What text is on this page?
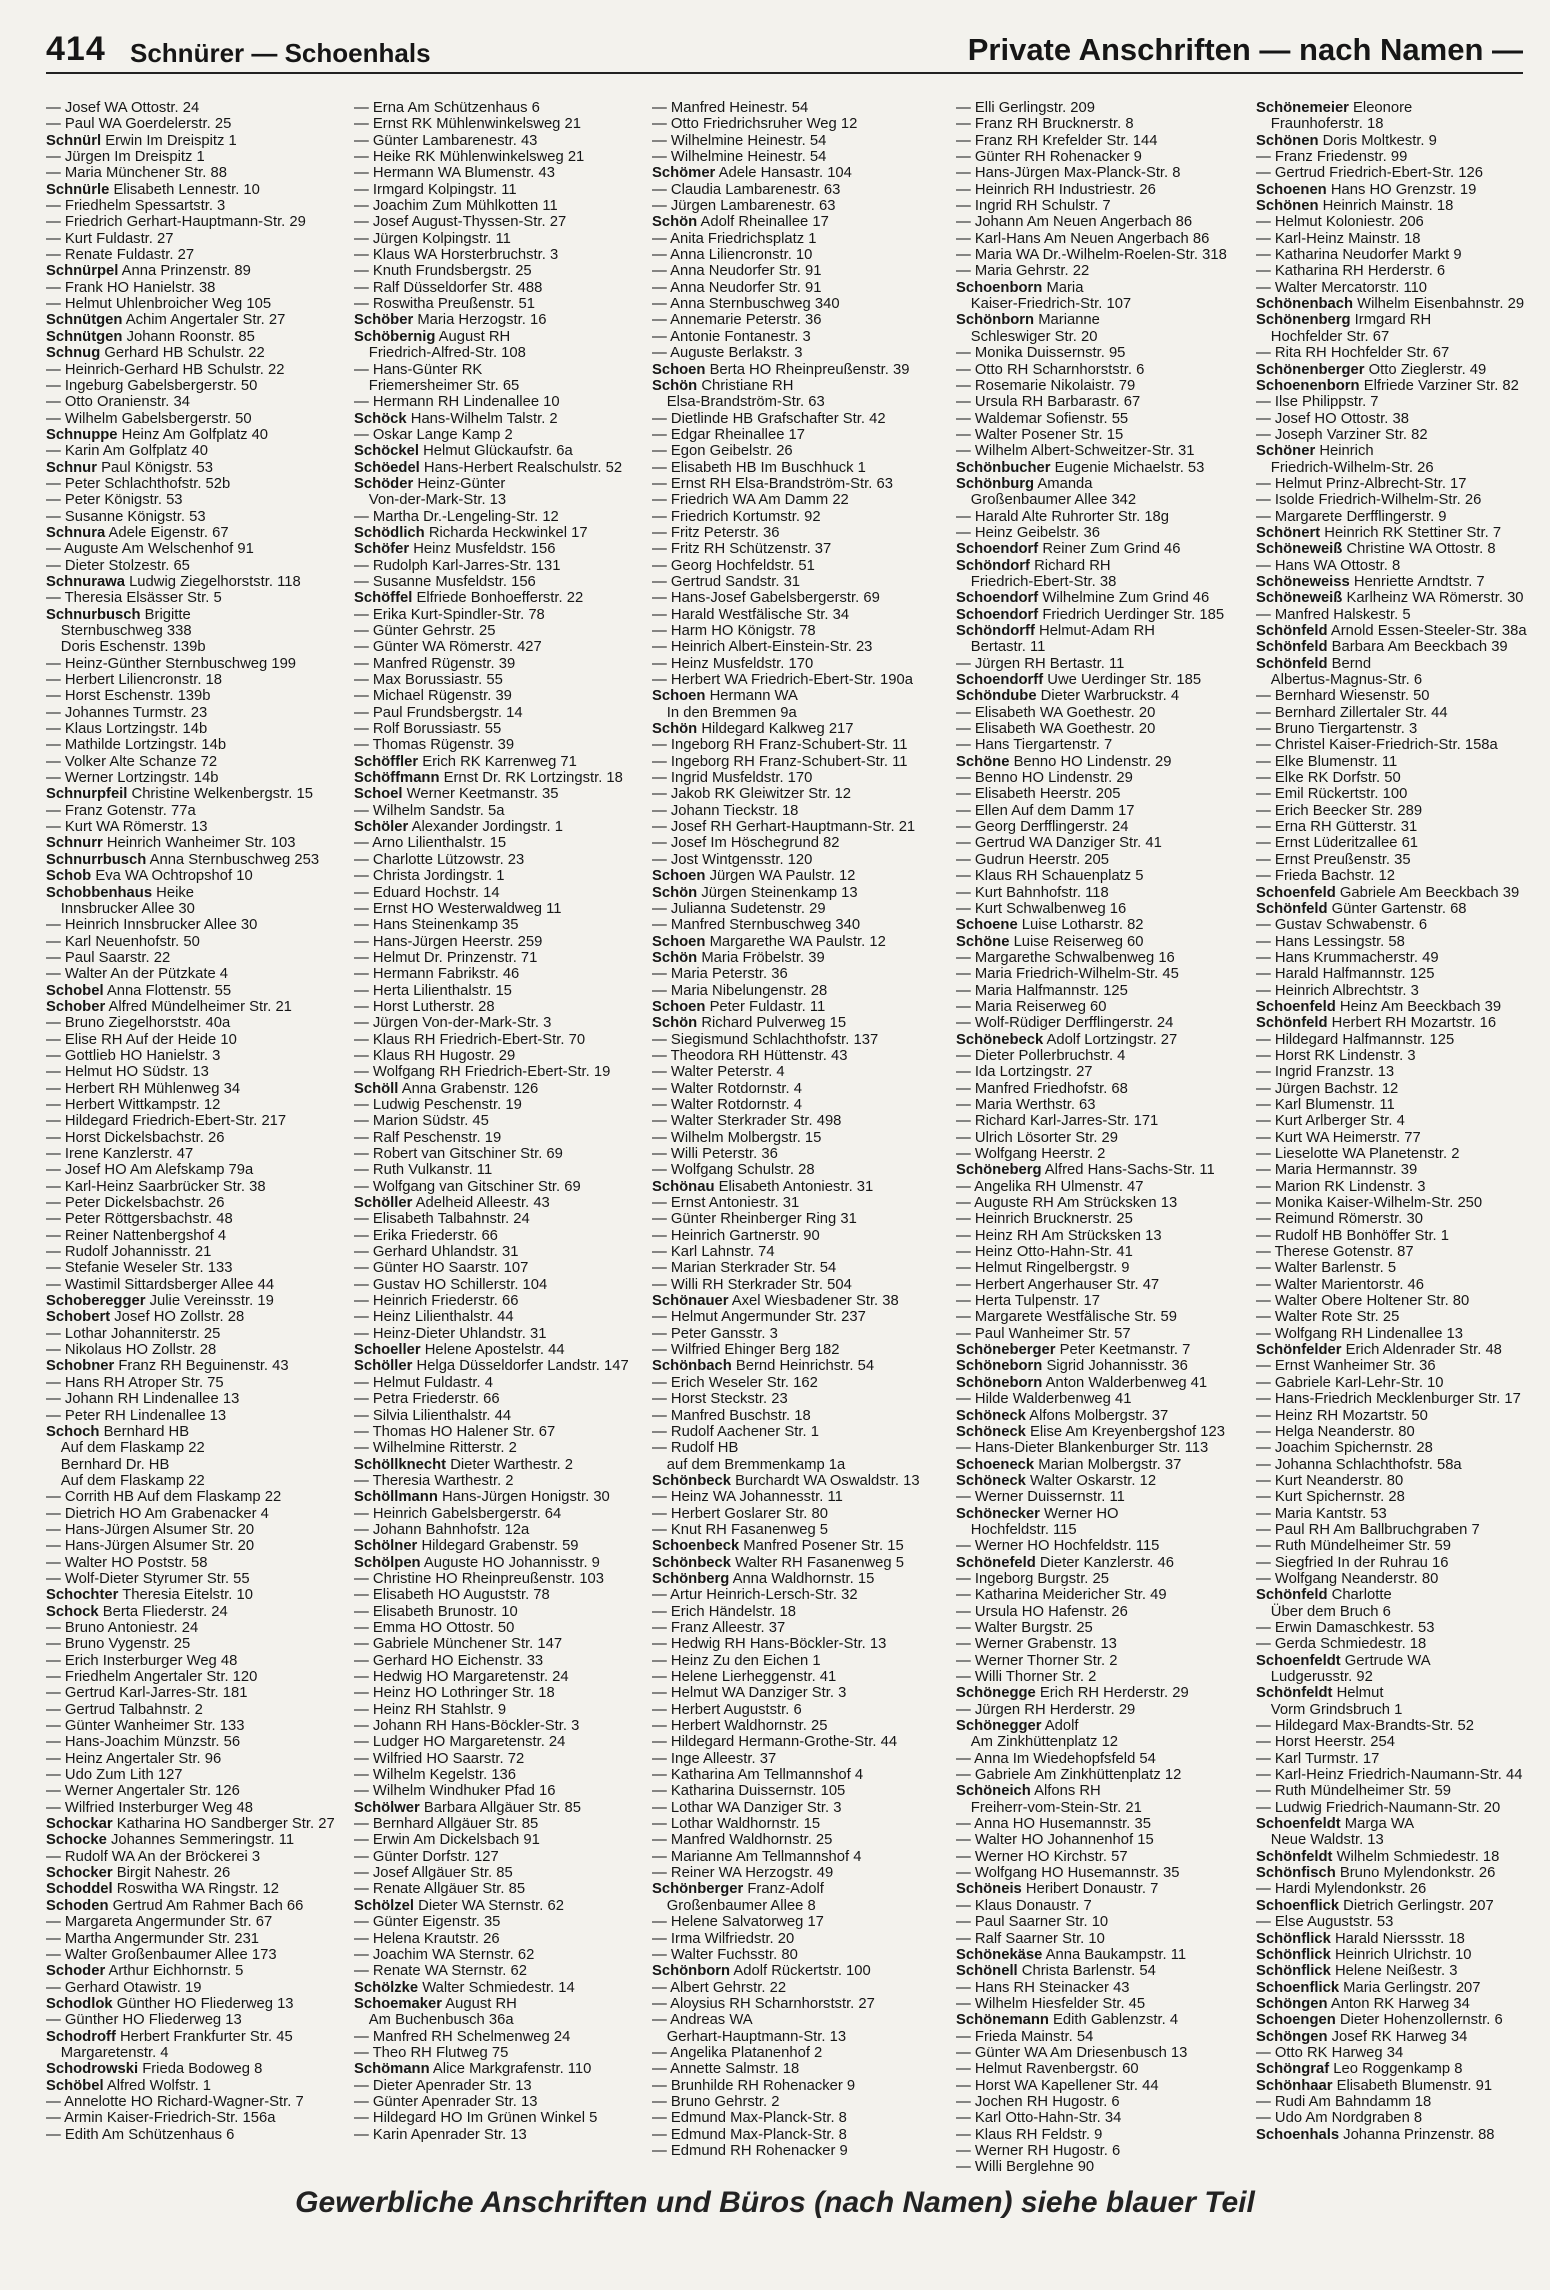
414 Schnürer — Schoenhals	Private Anschriften — nach Namen —
— Josef WA Ottostr. 24
— Paul WA Goerdelerstr. 25
Schnürl Erwin Im Dreispitz 1
— Jürgen Im Dreispitz 1
— Maria Münchener Str. 88
Schnürle Elisabeth Lennestr. 10
— Friedhelm Spessartstr. 3
— Friedrich Gerhart-Hauptmann-Str. 29
— Kurt Fuldastr. 27
— Renate Fuldastr. 27
Schnürpel Anna Prinzenstr. 89
— Frank HO Hanielstr. 38
— Helmut Uhlenbroicher Weg 105
Schnütgen Achim Angertaler Str. 27
Schnütgen Johann Roonstr. 85
Schnug Gerhard HB Schulstr. 22
— Heinrich-Gerhard HB Schulstr. 22
— Ingeburg Gabelsbergerstr. 50
— Otto Oranienstr. 34
— Wilhelm Gabelsbergerstr. 50
Schnuppe Heinz Am Golfplatz 40
— Karin Am Golfplatz 40
Schnur Paul Königstr. 53
— Peter Schlachthofstr. 52b
— Peter Königstr. 53
— Susanne Königstr. 53
Schnura Adele Eigenstr. 67
— Auguste Am Welschenhof 91
— Dieter Stolzestr. 65
Schnurawa Ludwig Ziegelhorststr. 118
— Theresia Elsässer Str. 5
Schnurbusch Brigitte
 Sternbuschweg 338
 Doris Eschenstr. 139b
— Heinz-Günther Sternbuschweg 199
— Herbert Liliencronstr. 18
— Horst Eschenstr. 139b
— Johannes Turmstr. 23
— Klaus Lortzingstr. 14b
— Mathilde Lortzingstr. 14b
— Volker Alte Schanze 72
— Werner Lortzingstr. 14b
Schnurpfeil Christine Welkenbergstr. 15
— Franz Gotenstr. 77a
— Kurt WA Römerstr. 13
Schnurr Heinrich Wanheimer Str. 103
Schnurrbusch Anna Sternbuschweg 253
Schob Eva WA Ochtropshof 10
Schobbenhaus Heike
 Innsbrucker Allee 30
— Heinrich Innsbrucker Allee 30
— Karl Neuenhofstr. 50
— Paul Saarstr. 22
— Walter An der Pützkate 4
Schobel Anna Flottenstr. 55
Schober Alfred Mündelheimer Str. 21
— Bruno Ziegelhorststr. 40a
— Elise RH Auf der Heide 10
— Gottlieb HO Hanielstr. 3
— Helmut HO Südstr. 13
— Herbert RH Mühlenweg 34
— Herbert Wittkampstr. 12
— Hildegard Friedrich-Ebert-Str. 217
— Horst Dickelsbachstr. 26
— Irene Kanzlerstr. 47
— Josef HO Am Alefskamp 79a
— Karl-Heinz Saarbrücker Str. 38
— Peter Dickelsbachstr. 26
— Peter Röttgersbachstr. 48
— Reiner Nattenbergshof 4
— Rudolf Johannisstr. 21
— Stefanie Weseler Str. 133
— Wastimil Sittardsberger Allee 44
Schoberegger Julie Vereinsstr. 19
Schobert Josef HO Zollstr. 28
— Lothar Johanniterstr. 25
— Nikolaus HO Zollstr. 28
Schobner Franz RH Beguinenstr. 43
— Hans RH Atroper Str. 75
— Johann RH Lindenallee 13
— Peter RH Lindenallee 13
Schoch Bernhard HB
 Auf dem Flaskamp 22
 Bernhard Dr. HB
 Auf dem Flaskamp 22
— Corrith HB Auf dem Flaskamp 22
— Dietrich HO Am Grabenacker 4
— Hans-Jürgen Alsumer Str. 20
— Hans-Jürgen Alsumer Str. 20
— Walter HO Poststr. 58
— Wolf-Dieter Styrumer Str. 55
Schochter Theresia Eitelstr. 10
Schock Berta Fliederstr. 24
— Bruno Antoniestr. 24
— Bruno Vygenstr. 25
— Erich Insterburger Weg 48
— Friedhelm Angertaler Str. 120
— Gertrud Karl-Jarres-Str. 181
— Gertrud Talbahnstr. 2
— Günter Wanheimer Str. 133
— Hans-Joachim Münzstr. 56
— Heinz Angertaler Str. 96
— Udo Zum Lith 127
— Werner Angertaler Str. 126
— Wilfried Insterburger Weg 48
Schockar Katharina HO Sandberger Str. 27
Schocke Johannes Semmeringstr. 11
— Rudolf WA An der Bröckerei 3
Schocker Birgit Nahestr. 26
Schoddel Roswitha WA Ringstr. 12
Schoden Gertrud Am Rahmer Bach 66
— Margareta Angermunder Str. 67
— Martha Angermunder Str. 231
— Walter Großenbaumer Allee 173
Schoder Arthur Eichhornstr. 5
— Gerhard Otawistr. 19
Schodlok Günther HO Fliederweg 13
— Günther HO Fliederweg 13
Schodroff Herbert Frankfurter Str. 45
 Margaretenstr. 4
Schodrowski Frieda Bodoweg 8
Schöbel Alfred Wolfstr. 1
— Annelotte HO Richard-Wagner-Str. 7
— Armin Kaiser-Friedrich-Str. 156a
— Edith Am Schützenhaus 6
— Erna Am Schützenhaus 6
— Ernst RK Mühlenwinkelsweg 21
— Günter Lambarenestr. 43
— Heike RK Mühlenwinkelsweg 21
— Hermann WA Blumenstr. 43
— Irmgard Kolpingstr. 11
— Joachim Zum Mühlkotten 11
— Josef August-Thyssen-Str. 27
— Jürgen Kolpingstr. 11
— Klaus WA Horsterbruchstr. 3
— Knuth Frundsbergstr. 25
— Ralf Düsseldorfer Str. 488
— Roswitha Preußenstr. 51
Schöber Maria Herzogstr. 16
Schöbernig August RH
 Friedrich-Alfred-Str. 108
— Hans-Günter RK
 Friemersheimer Str. 65
— Hermann RH Lindenallee 10
Schöck Hans-Wilhelm Talstr. 2
— Oskar Lange Kamp 2
Schöckel Helmut Glückaufstr. 6a
Schöedel Hans-Herbert Realschulstr. 52
Schöder Heinz-Günter
 Von-der-Mark-Str. 13
— Martha Dr.-Lengeling-Str. 12
Schödlich Richarda Heckwinkel 17
Schöfer Heinz Musfeldstr. 156
— Rudolph Karl-Jarres-Str. 131
— Susanne Musfeldstr. 156
Schöffel Elfriede Bonhoefferstr. 22
— Erika Kurt-Spindler-Str. 78
— Günter Gehrstr. 25
— Günter WA Römerstr. 427
— Manfred Rügenstr. 39
— Max Borussiastr. 55
— Michael Rügenstr. 39
— Paul Frundsbergstr. 14
— Rolf Borussiastr. 55
— Thomas Rügenstr. 39
Schöffler Erich RK Karrenweg 71
Schöffmann Ernst Dr. RK Lortzingstr. 18
Schoel Werner Keetmanstr. 35
— Wilhelm Sandstr. 5a
Schöler Alexander Jordingstr. 1
— Arno Lilienthalstr. 15
— Charlotte Lützowstr. 23
— Christa Jordingstr. 1
— Eduard Hochstr. 14
— Ernst HO Westerwaldweg 11
— Hans Steinenkamp 35
— Hans-Jürgen Heerstr. 259
— Helmut Dr. Prinzenstr. 71
— Hermann Fabrikstr. 46
— Herta Lilienthalstr. 15
— Horst Lutherstr. 28
— Jürgen Von-der-Mark-Str. 3
— Klaus RH Friedrich-Ebert-Str. 70
— Klaus RH Hugostr. 29
— Wolfgang RH Friedrich-Ebert-Str. 19
Schöll Anna Grabenstr. 126
— Ludwig Peschenstr. 19
— Marion Südstr. 45
— Ralf Peschenstr. 19
— Robert van Gitschiner Str. 69
— Ruth Vulkanstr. 11
— Wolfgang van Gitschiner Str. 69
Schöller Adelheid Alleestr. 43
— Elisabeth Talbahnstr. 24
— Erika Friederstr. 66
— Gerhard Uhlandstr. 31
— Günter HO Saarstr. 107
— Gustav HO Schillerstr. 104
— Heinrich Friederstr. 66
— Heinz Lilienthalstr. 44
— Heinz-Dieter Uhlandstr. 31
Schoeller Helene Apostelstr. 44
Schöller Helga Düsseldorfer Landstr. 147
— Helmut Fuldastr. 4
— Petra Friederstr. 66
— Silvia Lilienthalstr. 44
— Thomas HO Halener Str. 67
— Wilhelmine Ritterstr. 2
Schöllknecht Dieter Warthestr. 2
— Theresia Warthestr. 2
Schöllmann Hans-Jürgen Honigstr. 30
— Heinrich Gabelsbergerstr. 64
— Johann Bahnhofstr. 12a
Schölner Hildegard Grabenstr. 59
Schölpen Auguste HO Johannisstr. 9
— Christine HO Rheinpreußenstr. 103
— Elisabeth HO Auguststr. 78
— Elisabeth Brunostr. 10
— Emma HO Ottostr. 50
— Gabriele Münchener Str. 147
— Gerhard HO Eichenstr. 33
— Hedwig HO Margaretenstr. 24
— Heinz HO Lothringer Str. 18
— Heinz RH Stahlstr. 9
— Johann RH Hans-Böckler-Str. 3
— Ludger HO Margaretenstr. 24
— Wilfried HO Saarstr. 72
— Wilhelm Kegelstr. 136
— Wilhelm Windhuker Pfad 16
Schölwer Barbara Allgäuer Str. 85
— Bernhard Allgäuer Str. 85
— Erwin Am Dickelsbach 91
— Günter Dorfstr. 127
— Josef Allgäuer Str. 85
— Renate Allgäuer Str. 85
Schölzel Dieter WA Sternstr. 62
— Günter Eigenstr. 35
— Helena Krautstr. 26
— Joachim WA Sternstr. 62
— Renate WA Sternstr. 62
Schölzke Walter Schmiedestr. 14
Schoemaker August RH
 Am Buchenbusch 36a
— Manfred RH Schelmenweg 24
— Theo RH Flutweg 75
Schömann Alice Markgrafenstr. 110
— Dieter Apenrader Str. 13
— Günter Apenrader Str. 13
— Hildegard HO Im Grünen Winkel 5
— Karin Apenrader Str. 13
— Manfred Heinestr. 54
— Otto Friedrichsruher Weg 12
— Wilhelmine Heinestr. 54
— Wilhelmine Heinestr. 54
Schömer Adele Hansastr. 104
— Claudia Lambarenestr. 63
— Jürgen Lambarenestr. 63
Schön Adolf Rheinallee 17
— Anita Friedrichsplatz 1
— Anna Liliencronstr. 10
— Anna Neudorfer Str. 91
— Anna Neudorfer Str. 91
— Anna Sternbuschweg 340
— Annemarie Peterstr. 36
— Antonie Fontanestr. 3
— Auguste Berlakstr. 3
Schoen Berta HO Rheinpreußenstr. 39
Schön Christiane RH
 Elsa-Brandström-Str. 63
— Dietlinde HB Grafschafter Str. 42
— Edgar Rheinallee 17
— Egon Geibelstr. 26
— Elisabeth HB Im Buschhuck 1
— Ernst RH Elsa-Brandström-Str. 63
— Friedrich WA Am Damm 22
— Friedrich Kortumstr. 92
— Fritz Peterstr. 36
— Fritz RH Schützenstr. 37
— Georg Hochfeldstr. 51
— Gertrud Sandstr. 31
— Hans-Josef Gabelsbergerstr. 69
— Harald Westfälische Str. 34
— Harm HO Königstr. 78
— Heinrich Albert-Einstein-Str. 23
— Heinz Musfeldstr. 170
— Herbert WA Friedrich-Ebert-Str. 190a
Schoen Hermann WA
 In den Bremmen 9a
Schön Hildegard Kalkweg 217
— Ingeborg RH Franz-Schubert-Str. 11
— Ingeborg RH Franz-Schubert-Str. 11
— Ingrid Musfeldstr. 170
— Jakob RK Gleiwitzer Str. 12
— Johann Tieckstr. 18
— Josef RH Gerhart-Hauptmann-Str. 21
— Josef Im Höschegrund 82
— Jost Wintgensstr. 120
Schoen Jürgen WA Paulstr. 12
Schön Jürgen Steinenkamp 13
— Julianna Sudetenstr. 29
— Manfred Sternbuschweg 340
Schoen Margarethe WA Paulstr. 12
Schön Maria Fröbelstr. 39
— Maria Peterstr. 36
— Maria Nibelungenstr. 28
Schoen Peter Fuldastr. 11
Schön Richard Pulverweg 15
— Siegismund Schlachthofstr. 137
— Theodora RH Hüttenstr. 43
— Walter Peterstr. 4
— Walter Rotdornstr. 4
— Walter Rotdornstr. 4
— Walter Sterkrader Str. 498
— Wilhelm Molbergstr. 15
— Willi Peterstr. 36
— Wolfgang Schulstr. 28
Schönau Elisabeth Antoniestr. 31
— Ernst Antoniestr. 31
— Günter Rheinberger Ring 31
— Heinrich Gartnerstr. 90
— Karl Lahnstr. 74
— Marian Sterkrader Str. 54
— Willi RH Sterkrader Str. 504
Schönauer Axel Wiesbadener Str. 38
— Helmut Angermunder Str. 237
— Peter Gansstr. 3
— Wilfried Ehinger Berg 182
Schönbach Bernd Heinrichstr. 54
— Erich Weseler Str. 162
— Horst Steckstr. 23
— Manfred Buschstr. 18
— Rudolf Aachener Str. 1
— Rudolf HB
 auf dem Bremmenkamp 1a
Schönbeck Burchardt WA Oswaldstr. 13
— Heinz WA Johannesstr. 11
— Herbert Goslarer Str. 80
— Knut RH Fasanenweg 5
Schoenbeck Manfred Posener Str. 15
Schönbeck Walter RH Fasanenweg 5
Schönberg Anna Waldhornstr. 15
— Artur Heinrich-Lersch-Str. 32
— Erich Händelstr. 18
— Franz Alleestr. 37
— Hedwig RH Hans-Böckler-Str. 13
— Heinz Zu den Eichen 1
— Helene Lierheggenstr. 41
— Helmut WA Danziger Str. 3
— Herbert Auguststr. 6
— Herbert Waldhornstr. 25
— Hildegard Hermann-Grothe-Str. 44
— Inge Alleestr. 37
— Katharina Am Tellmannshof 4
— Katharina Duissernstr. 105
— Lothar WA Danziger Str. 3
— Lothar Waldhornstr. 15
— Manfred Waldhornstr. 25
— Marianne Am Tellmannshof 4
— Reiner WA Herzogstr. 49
Schönberger Franz-Adolf
 Großenbaumer Allee 8
— Helene Salvatorweg 17
— Irma Wilfriedstr. 20
— Walter Fuchsstr. 80
Schönborn Adolf Rückertstr. 100
— Albert Gehrstr. 22
— Aloysius RH Scharnhorststr. 27
— Andreas WA
 Gerhart-Hauptmann-Str. 13
— Angelika Platanenhof 2
— Annette Salmstr. 18
— Brunhilde RH Rohenacker 9
— Bruno Gehrstr. 2
— Edmund Max-Planck-Str. 8
— Edmund Max-Planck-Str. 8
— Edmund RH Rohenacker 9
— Elli Gerlingstr. 209
— Franz RH Brucknerstr. 8
— Franz RH Krefelder Str. 144
— Günter RH Rohenacker 9
— Hans-Jürgen Max-Planck-Str. 8
— Heinrich RH Industriestr. 26
— Ingrid RH Schulstr. 7
— Johann Am Neuen Angerbach 86
— Karl-Hans Am Neuen Angerbach 86
— Maria WA Dr.-Wilhelm-Roelen-Str. 318
— Maria Gehrstr. 22
Schoenborn Maria
 Kaiser-Friedrich-Str. 107
Schönborn Marianne
 Schleswiger Str. 20
— Monika Duissernstr. 95
— Otto RH Scharnhorststr. 6
— Rosemarie Nikolaistr. 79
— Ursula RH Barbarastr. 67
— Waldemar Sofienstr. 55
— Walter Posener Str. 15
— Wilhelm Albert-Schweitzer-Str. 31
Schönbucher Eugenie Michaelstr. 53
Schönburg Amanda
 Großenbaumer Allee 342
— Harald Alte Ruhrorter Str. 18g
— Heinz Geibelstr. 36
Schoendorf Reiner Zum Grind 46
Schöndorf Richard RH
 Friedrich-Ebert-Str. 38
Schoendorf Wilhelmine Zum Grind 46
Schoendorf Friedrich Uerdinger Str. 185
Schöndorff Helmut-Adam RH
 Bertastr. 11
— Jürgen RH Bertastr. 11
Schoendorff Uwe Uerdinger Str. 185
Schöndube Dieter Warbruckstr. 4
— Elisabeth WA Goethestr. 20
— Elisabeth WA Goethestr. 20
— Hans Tiergartenstr. 7
Schöne Benno HO Lindenstr. 29
— Benno HO Lindenstr. 29
— Elisabeth Heerstr. 205
— Ellen Auf dem Damm 17
— Georg Derfflingerstr. 24
— Gertrud WA Danziger Str. 41
— Gudrun Heerstr. 205
— Klaus RH Schauenplatz 5
— Kurt Bahnhofstr. 118
— Kurt Schwalbenweg 16
Schoene Luise Lotharstr. 82
Schöne Luise Reiserweg 60
— Margarethe Schwalbenweg 16
— Maria Friedrich-Wilhelm-Str. 45
— Maria Halfmannstr. 125
— Maria Reiserweg 60
— Wolf-Rüdiger Derfflingerstr. 24
Schönebeck Adolf Lortzingstr. 27
— Dieter Pollerbruchstr. 4
— Ida Lortzingstr. 27
— Manfred Friedhofstr. 68
— Maria Werthstr. 63
— Richard Karl-Jarres-Str. 171
— Ulrich Lösorter Str. 29
— Wolfgang Heerstr. 2
Schöneberg Alfred Hans-Sachs-Str. 11
— Angelika RH Ulmenstr. 47
— Auguste RH Am Strücksken 13
— Heinrich Brucknerstr. 25
— Heinz RH Am Strücksken 13
— Heinz Otto-Hahn-Str. 41
— Helmut Ringelbergstr. 9
— Herbert Angerhauser Str. 47
— Herta Tulpenstr. 17
— Margarete Westfälische Str. 59
— Paul Wanheimer Str. 57
Schöneberger Peter Keetmanstr. 7
Schöneborn Sigrid Johannisstr. 36
Schöneborn Anton Walderbenweg 41
— Hilde Walderbenweg 41
Schöneck Alfons Molbergstr. 37
Schöneck Elise Am Kreyenbergshof 123
— Hans-Dieter Blankenburger Str. 113
Schoeneck Marian Molbergstr. 37
Schöneck Walter Oskarstr. 12
— Werner Duissernstr. 11
Schönecker Werner HO
 Hochfeldstr. 115
— Werner HO Hochfeldstr. 115
Schönefeld Dieter Kanzlerstr. 46
— Ingeborg Burgstr. 25
— Katharina Meidericher Str. 49
— Ursula HO Hafenstr. 26
— Walter Burgstr. 25
— Werner Grabenstr. 13
— Werner Thorner Str. 2
— Willi Thorner Str. 2
Schönegge Erich RH Herderstr. 29
— Jürgen RH Herderstr. 29
Schönegger Adolf
 Am Zinkhüttenplatz 12
— Anna Im Wiedehopfsfeld 54
— Gabriele Am Zinkhüttenplatz 12
Schöneich Alfons RH
 Freiherr-vom-Stein-Str. 21
— Anna HO Husemannstr. 35
— Walter HO Johannenhof 15
— Werner HO Kirchstr. 57
— Wolfgang HO Husemannstr. 35
Schöneis Heribert Donaustr. 7
— Klaus Donaustr. 7
— Paul Saarner Str. 10
— Ralf Saarner Str. 10
Schönekäse Anna Baukampstr. 11
Schönell Christa Barlenstr. 54
— Hans RH Steinacker 43
— Wilhelm Hiesfelder Str. 45
Schönemann Edith Gablenzstr. 4
— Frieda Mainstr. 54
— Günter WA Am Driesenbusch 13
— Helmut Ravenbergstr. 60
— Horst WA Kapellener Str. 44
— Jochen RH Hugostr. 6
— Karl Otto-Hahn-Str. 34
— Klaus RH Feldstr. 9
— Werner RH Hugostr. 6
— Willi Berglehne 90
Schönemeier Eleonore
 Fraunhoferstr. 18
Schönen Doris Moltkestr. 9
— Franz Friedenstr. 99
— Gertrud Friedrich-Ebert-Str. 126
Schoenen Hans HO Grenzstr. 19
Schönen Heinrich Mainstr. 18
— Helmut Koloniestr. 206
— Karl-Heinz Mainstr. 18
— Katharina Neudorfer Markt 9
— Katharina RH Herderstr. 6
— Walter Mercatorstr. 110
Schönenbach Wilhelm Eisenbahnstr. 29
Schönenberg Irmgard RH
 Hochfelder Str. 67
— Rita RH Hochfelder Str. 67
Schönenberger Otto Zieglerstr. 49
Schoenenborn Elfriede Varziner Str. 82
— Ilse Philippstr. 7
— Josef HO Ottostr. 38
— Joseph Varziner Str. 82
Schöner Heinrich
 Friedrich-Wilhelm-Str. 26
— Helmut Prinz-Albrecht-Str. 17
— Isolde Friedrich-Wilhelm-Str. 26
— Margarete Derfflingerstr. 9
Schönert Heinrich RK Stettiner Str. 7
Schöneweiß Christine WA Ottostr. 8
— Hans WA Ottostr. 8
Schöneweiss Henriette Arndtstr. 7
Schöneweiß Karlheinz WA Römerstr. 30
— Manfred Halskestr. 5
Schönfeld Arnold Essen-Steeler-Str. 38a
Schönfeld Barbara Am Beeckbach 39
Schönfeld Bernd
 Albertus-Magnus-Str. 6
— Bernhard Wiesenstr. 50
— Bernhard Zillertaler Str. 44
— Bruno Tiergartenstr. 3
— Christel Kaiser-Friedrich-Str. 158a
— Elke Blumenstr. 11
— Elke RK Dorfstr. 50
— Emil Rückertstr. 100
— Erich Beecker Str. 289
— Erna RH Gütterstr. 31
— Ernst Lüderitzallee 61
— Ernst Preußenstr. 35
— Frieda Bachstr. 12
Schoenfeld Gabriele Am Beeckbach 39
Schönfeld Günter Gartenstr. 68
— Gustav Schwabenstr. 6
— Hans Lessingstr. 58
— Hans Krummacherstr. 49
— Harald Halfmannstr. 125
— Heinrich Albrechtstr. 3
Schoenfeld Heinz Am Beeckbach 39
Schönfeld Herbert RH Mozartstr. 16
— Hildegard Halfmannstr. 125
— Horst RK Lindenstr. 3
— Ingrid Franzstr. 13
— Jürgen Bachstr. 12
— Karl Blumenstr. 11
— Kurt Arlberger Str. 4
— Kurt WA Heimerstr. 77
— Lieselotte WA Planetenstr. 2
— Maria Hermannstr. 39
— Marion RK Lindenstr. 3
— Monika Kaiser-Wilhelm-Str. 250
— Reimund Römerstr. 30
— Rudolf HB Bonhöffer Str. 1
— Therese Gotenstr. 87
— Walter Barlenstr. 5
— Walter Marientorstr. 46
— Walter Obere Holtener Str. 80
— Walter Rote Str. 25
— Wolfgang RH Lindenallee 13
Schönfelder Erich Aldenrader Str. 48
— Ernst Wanheimer Str. 36
— Gabriele Karl-Lehr-Str. 10
— Hans-Friedrich Mecklenburger Str. 17
— Heinz RH Mozartstr. 50
— Helga Neanderstr. 80
— Joachim Spichernstr. 28
— Johanna Schlachthofstr. 58a
— Kurt Neanderstr. 80
— Kurt Spichernstr. 28
— Maria Kantstr. 53
— Paul RH Am Ballbruchgraben 7
— Ruth Mündelheimer Str. 59
— Siegfried In der Ruhrau 16
— Wolfgang Neanderstr. 80
Schönfeld Charlotte
 Über dem Bruch 6
— Erwin Damaschkestr. 53
— Gerda Schmiedestr. 18
Schoenfeldt Gertrude WA
 Ludgerusstr. 92
Schönfeldt Helmut
 Vorm Grindsbruch 1
— Hildegard Max-Brandts-Str. 52
— Horst Heerstr. 254
— Karl Turmstr. 17
— Karl-Heinz Friedrich-Naumann-Str. 44
— Ruth Mündelheimer Str. 59
— Ludwig Friedrich-Naumann-Str. 20
Schoenfeldt Marga WA
 Neue Waldstr. 13
Schönfeldt Wilhelm Schmiedestr. 18
Schönfisch Bruno Mylendonkstr. 26
— Hardi Mylendonkstr. 26
Schoenflick Dietrich Gerlingstr. 207
— Else Auguststr. 53
Schönflick Harald Nierssstr. 18
Schönflick Heinrich Ulrichstr. 10
Schönflick Helene Neißestr. 3
Schoenflick Maria Gerlingstr. 207
Schöngen Anton RK Harweg 34
Schoengen Dieter Hohenzollernstr. 6
Schöngen Josef RK Harweg 34
— Otto RK Harweg 34
Schöngraf Leo Roggenkamp 8
Schönhaar Elisabeth Blumenstr. 91
— Rudi Am Bahndamm 18
— Udo Am Nordgraben 8
Schoenhals Johanna Prinzenstr. 88
Gewerbliche Anschriften und Büros (nach Namen) siehe blauer Teil
